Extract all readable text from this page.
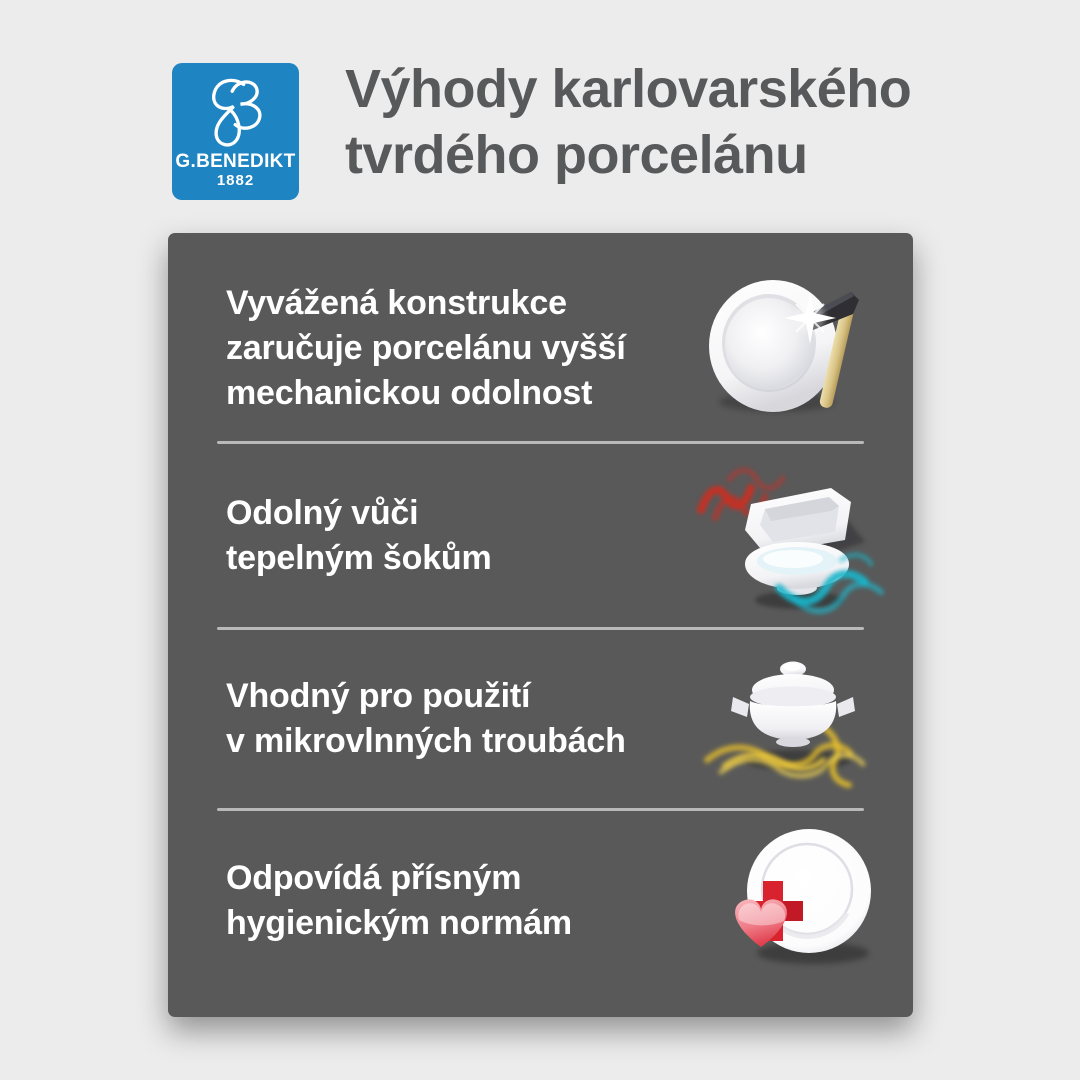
G.BENEDIKT
1882
Výhody karlovarského
tvrdého porcelánu
Vyvážená konstrukce
zaručuje porcelánu vyšší
mechanickou odolnost
Odolný vůči
tepelným šokům
Vhodný pro použití
v mikrovlnných troubách
Odpovídá přísným
hygienickým normám
